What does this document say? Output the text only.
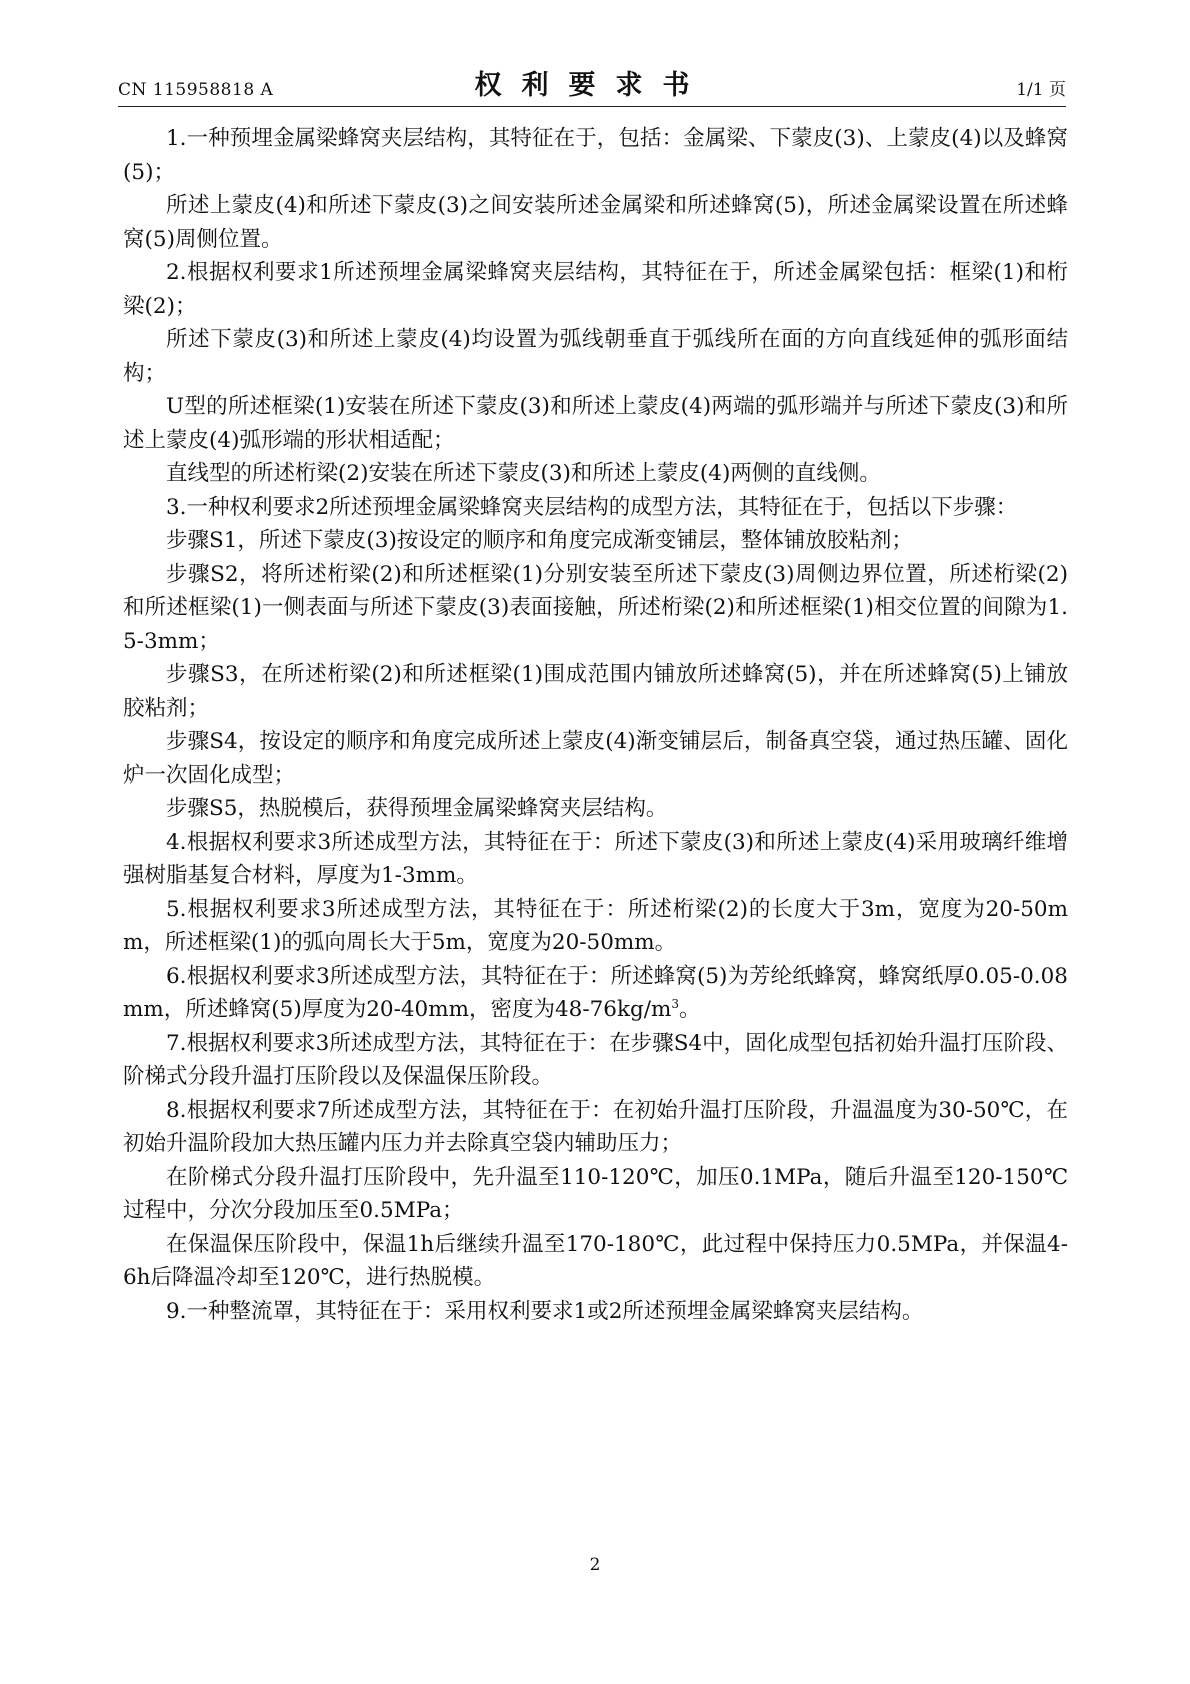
CN 115958818 A	权利要求书	1/1 页

1.一种预埋金属梁蜂窝夹层结构，其特征在于，包括：金属梁、下蒙皮(3)、上蒙皮(4)以及蜂窝(5)；

所述上蒙皮(4)和所述下蒙皮(3)之间安装所述金属梁和所述蜂窝(5)，所述金属梁设置在所述蜂窝(5)周侧位置。

2.根据权利要求1所述预埋金属梁蜂窝夹层结构，其特征在于，所述金属梁包括：框梁(1)和桁梁(2)；

所述下蒙皮(3)和所述上蒙皮(4)均设置为弧线朝垂直于弧线所在面的方向直线延伸的弧形面结构；

U型的所述框梁(1)安装在所述下蒙皮(3)和所述上蒙皮(4)两端的弧形端并与所述下蒙皮(3)和所述上蒙皮(4)弧形端的形状相适配；

直线型的所述桁梁(2)安装在所述下蒙皮(3)和所述上蒙皮(4)两侧的直线侧。

3.一种权利要求2所述预埋金属梁蜂窝夹层结构的成型方法，其特征在于，包括以下步骤：

步骤S1，所述下蒙皮(3)按设定的顺序和角度完成渐变铺层，整体铺放胶粘剂；

步骤S2，将所述桁梁(2)和所述框梁(1)分别安装至所述下蒙皮(3)周侧边界位置，所述桁梁(2)和所述框梁(1)一侧表面与所述下蒙皮(3)表面接触，所述桁梁(2)和所述框梁(1)相交位置的间隙为1.5-3mm；

步骤S3，在所述桁梁(2)和所述框梁(1)围成范围内铺放所述蜂窝(5)，并在所述蜂窝(5)上铺放胶粘剂；

步骤S4，按设定的顺序和角度完成所述上蒙皮(4)渐变铺层后，制备真空袋，通过热压罐、固化炉一次固化成型；

步骤S5，热脱模后，获得预埋金属梁蜂窝夹层结构。

4.根据权利要求3所述成型方法，其特征在于：所述下蒙皮(3)和所述上蒙皮(4)采用玻璃纤维增强树脂基复合材料，厚度为1-3mm。

5.根据权利要求3所述成型方法，其特征在于：所述桁梁(2)的长度大于3m，宽度为20-50mm，所述框梁(1)的弧向周长大于5m，宽度为20-50mm。

6.根据权利要求3所述成型方法，其特征在于：所述蜂窝(5)为芳纶纸蜂窝，蜂窝纸厚0.05-0.08mm，所述蜂窝(5)厚度为20-40mm，密度为$48-76kg/m^3$。

7.根据权利要求3所述成型方法，其特征在于：在步骤S4中，固化成型包括初始升温打压阶段、阶梯式分段升温打压阶段以及保温保压阶段。

8.根据权利要求7所述成型方法，其特征在于：在初始升温打压阶段，升温温度为30-50℃，在初始升温阶段加大热压罐内压力并去除真空袋内辅助压力；

在阶梯式分段升温打压阶段中，先升温至110-120℃，加压0.1MPa，随后升温至120-150℃过程中，分次分段加压至0.5MPa；

在保温保压阶段中，保温1h后继续升温至170-180℃，此过程中保持压力0.5MPa，并保温4-6h后降温冷却至120℃，进行热脱模。

9.一种整流罩，其特征在于：采用权利要求1或2所述预埋金属梁蜂窝夹层结构。

2
